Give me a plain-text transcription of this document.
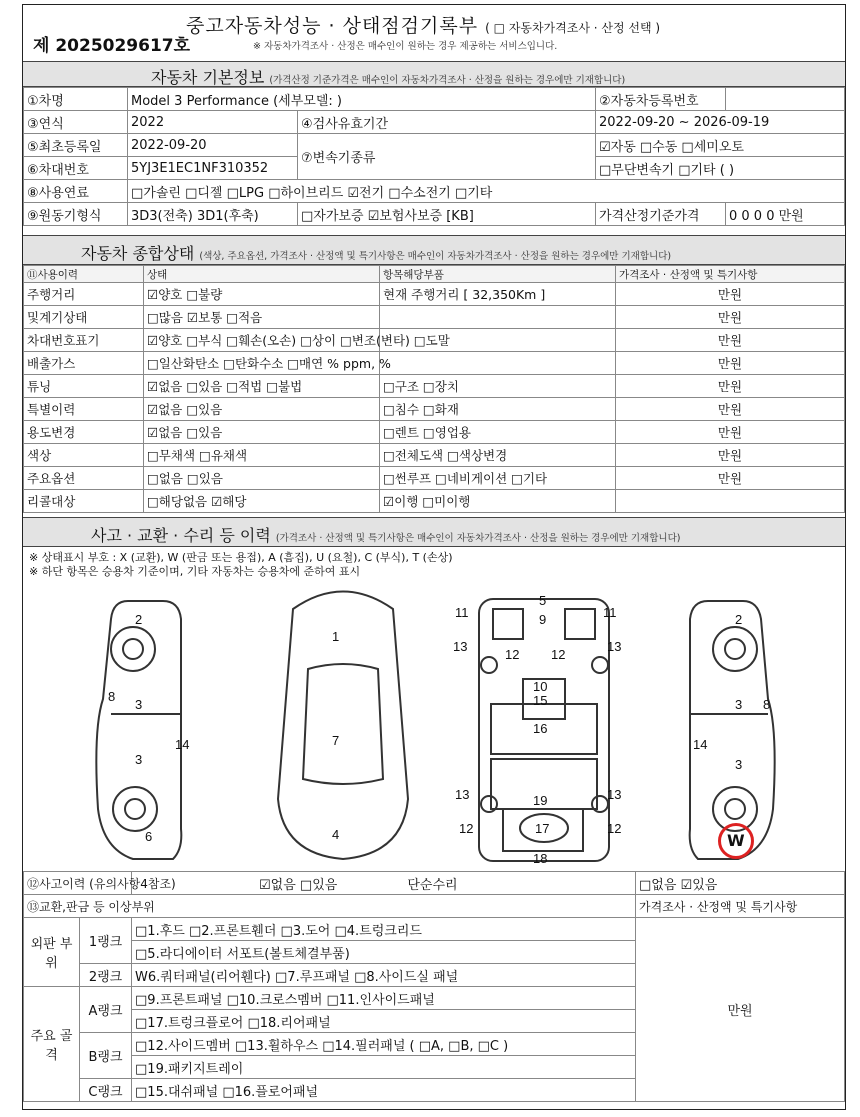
제 2025029617호
중고자동차성능 · 상태점검기록부 ( □ 자동차가격조사 · 산정 선택 )
※ 자동차가격조사 · 산정은 매수인이 원하는 경우 제공하는 서비스입니다.
자동차 기본정보 (가격산정 기준가격은 매수인이 자동차가격조사 · 산정을 원하는 경우에만 기재합니다)
①차명	Model 3 Performance (세부모델: )		②자동차등록번호	
③연식	2022	④검사유효기간	2022-09-20 ~ 2026-09-19	
⑤최초등록일	2022-09-20	⑦변속기종류	☑자동 □수동 □세미오토	
⑥차대번호	5YJ3E1EC1NF310352		□무단변속기 □기타 ( )	
⑧사용연료	□가솔린 □디젤 □LPG □하이브리드 ☑전기 □수소전기 □기타			
⑨원동기형식	3D3(전축) 3D1(후축)	□자가보증 ☑보험사보증 [KB]	가격산정기준가격	0 0 0 0 만원
자동차 종합상태 (색상, 주요옵션, 가격조사 · 산정액 및 특기사항은 매수인이 자동차가격조사 · 산정을 원하는 경우에만 기재합니다)
⑪사용이력	상태	항목해당부품	가격조사 · 산정액 및 특기사항
주행거리	☑양호 □불량	현재 주행거리 [ 32,350Km ]	만원
및계기상태	□많음 ☑보통 □적음		만원
차대번호표기	☑양호 □부식 □훼손(오손) □상이 □변조(변타) □도말		만원
배출가스	□일산화탄소 □탄화수소 □매연 % ppm, %		만원
튜닝	☑없음 □있음 □적법 □불법	□구조 □장치	만원
특별이력	☑없음 □있음	□침수 □화재	만원
용도변경	☑없음 □있음	□렌트 □영업용	만원
색상	□무채색 □유채색	□전체도색 □색상변경	만원
주요옵션	□없음 □있음	□썬루프 □네비게이션 □기타	만원
리콜대상	□해당없음 ☑해당	☑이행 □미이행	
사고 · 교환 · 수리 등 이력 (가격조사 · 산정액 및 특기사항은 매수인이 자동차가격조사 · 산정을 원하는 경우에만 기재합니다)
※ 상태표시 부호 : X (교환), W (판금 또는 용접), A (흠집), U (요철), C (부식), T (손상)
※ 하단 항목은 승용차 기준이며, 기타 자동차는 승용차에 준하여 표시
2
8
3
3
14
6
1
7
4
5
9
11	11
13	13
12 12
10
15
16
19
13	13
12	12
17
18
2
3 8
3
14
W
⑫사고이력 (유의사항4참조)		☑없음 □있음 단순수리	□없음 ☑있음
⑬교환,판금 등 이상부위			가격조사 · 산정액 및 특기사항
외판 부위	1랭크	□1.후드 □2.프론트휀더 □3.도어 □4.트렁크리드	만원
		□5.라디에이터 서포트(볼트체결부품)	
	2랭크	W6.쿼터패널(리어휀다) □7.루프패널 □8.사이드실 패널	
주요 골격	A랭크	□9.프론트패널 □10.크로스멤버 □11.인사이드패널	
		□17.트렁크플로어 □18.리어패널	
	B랭크	□12.사이드멤버 □13.휠하우스 □14.필러패널 ( □A, □B, □C )	
		□19.패키지트레이	
	C랭크	□15.대쉬패널 □16.플로어패널	
